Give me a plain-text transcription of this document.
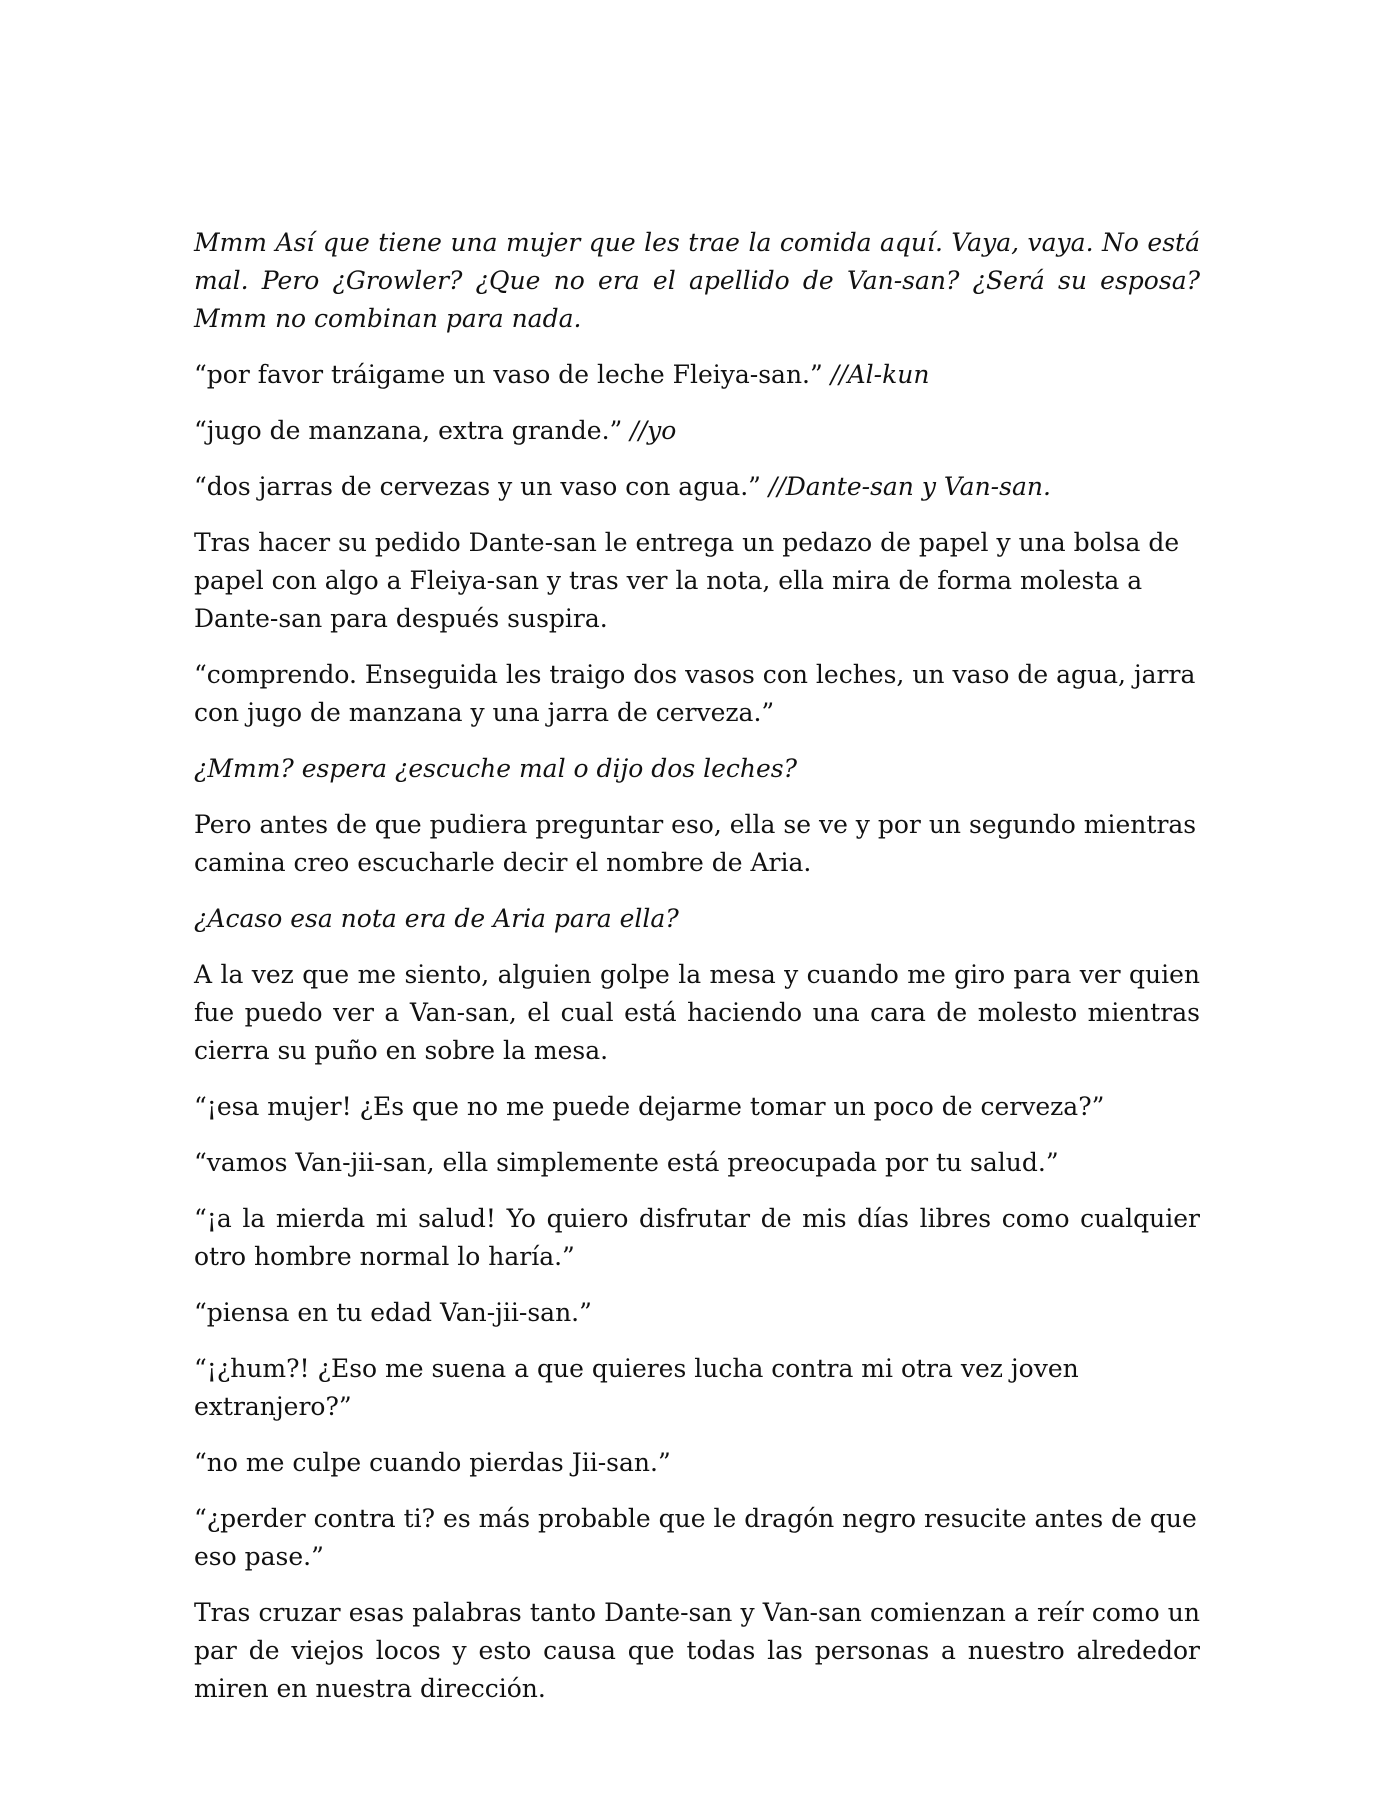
Mmm Así que tiene una mujer que les trae la comida aquí. Vaya, vaya. No está mal. Pero ¿Growler? ¿Que no era el apellido de Van-san? ¿Será su esposa? Mmm no combinan para nada.

“por favor tráigame un vaso de leche Fleiya-san.” //Al-kun

“jugo de manzana, extra grande.” //yo

“dos jarras de cervezas y un vaso con agua.” //Dante-san y Van-san.

Tras hacer su pedido Dante-san le entrega un pedazo de papel y una bolsa de papel con algo a Fleiya-san y tras ver la nota, ella mira de forma molesta a Dante-san para después suspira.

“comprendo. Enseguida les traigo dos vasos con leches, un vaso de agua, jarra con jugo de manzana y una jarra de cerveza.”

¿Mmm? espera ¿escuche mal o dijo dos leches?

Pero antes de que pudiera preguntar eso, ella se ve y por un segundo mientras camina creo escucharle decir el nombre de Aria.

¿Acaso esa nota era de Aria para ella?

A la vez que me siento, alguien golpe la mesa y cuando me giro para ver quien fue puedo ver a Van-san, el cual está haciendo una cara de molesto mientras cierra su puño en sobre la mesa.

“¡esa mujer! ¿Es que no me puede dejarme tomar un poco de cerveza?”

“vamos Van-jii-san, ella simplemente está preocupada por tu salud.”

“¡a la mierda mi salud! Yo quiero disfrutar de mis días libres como cualquier otro hombre normal lo haría.”

“piensa en tu edad Van-jii-san.”

“¡¿hum?! ¿Eso me suena a que quieres lucha contra mi otra vez joven extranjero?”

“no me culpe cuando pierdas Jii-san.”

“¿perder contra ti? es más probable que le dragón negro resucite antes de que eso pase.”

Tras cruzar esas palabras tanto Dante-san y Van-san comienzan a reír como un par de viejos locos y esto causa que todas las personas a nuestro alrededor miren en nuestra dirección.
